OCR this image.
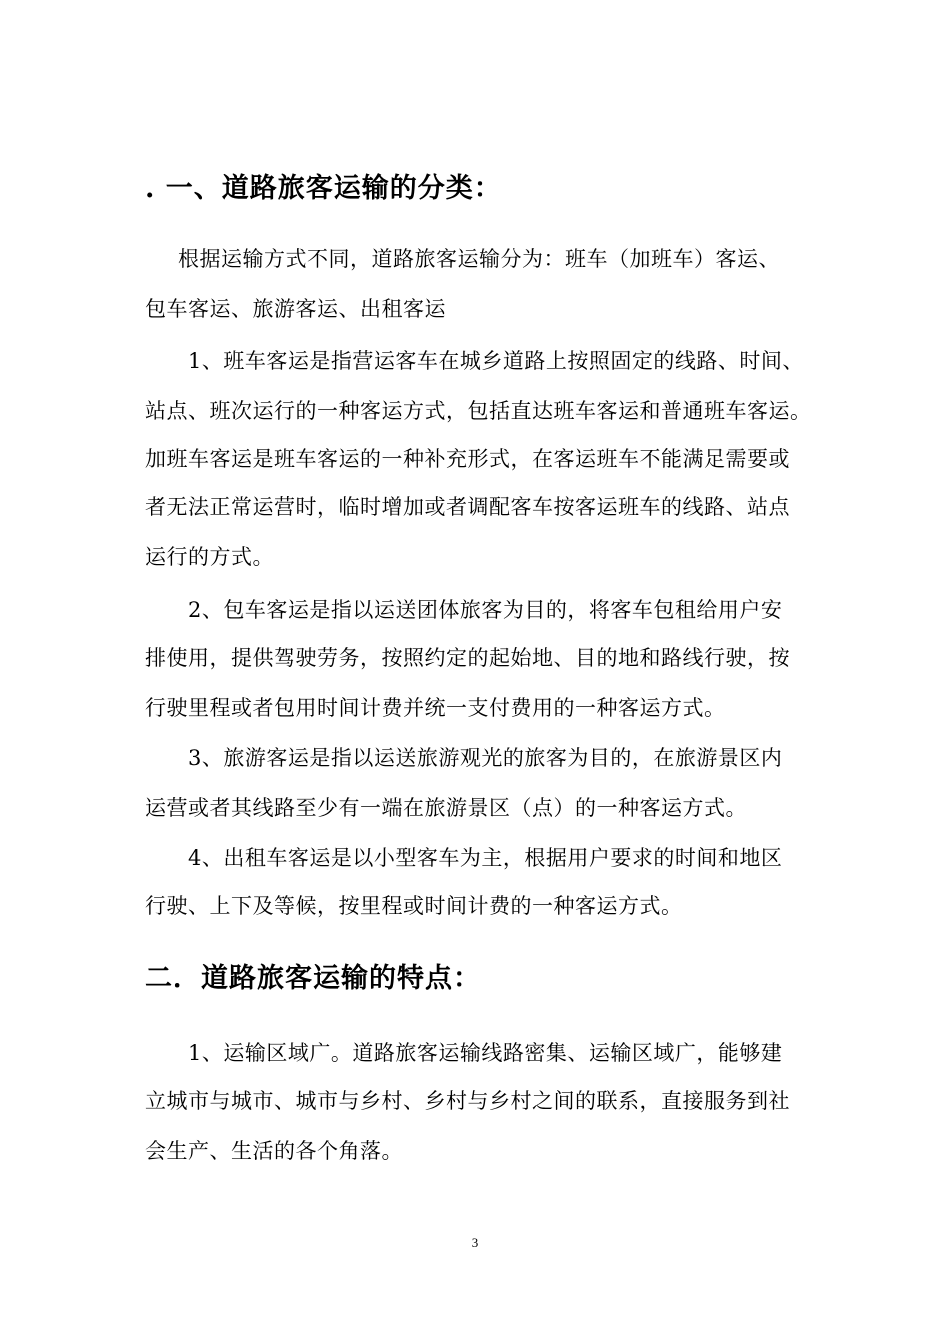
. 一、道路旅客运输的分类：
根据运输方式不同，道路旅客运输分为：班车（加班车）客运、
包车客运、旅游客运、出租客运
1、班车客运是指营运客车在城乡道路上按照固定的线路、时间、
站点、班次运行的一种客运方式，包括直达班车客运和普通班车客运。
加班车客运是班车客运的一种补充形式，在客运班车不能满足需要或
者无法正常运营时，临时增加或者调配客车按客运班车的线路、站点
运行的方式。
2、包车客运是指以运送团体旅客为目的，将客车包租给用户安
排使用，提供驾驶劳务，按照约定的起始地、目的地和路线行驶，按
行驶里程或者包用时间计费并统一支付费用的一种客运方式。
3、旅游客运是指以运送旅游观光的旅客为目的，在旅游景区内
运营或者其线路至少有一端在旅游景区（点）的一种客运方式。
4、出租车客运是以小型客车为主，根据用户要求的时间和地区
行驶、上下及等候，按里程或时间计费的一种客运方式。
二．道路旅客运输的特点：
1、运输区域广。道路旅客运输线路密集、运输区域广，能够建
立城市与城市、城市与乡村、乡村与乡村之间的联系，直接服务到社
会生产、生活的各个角落。
3
